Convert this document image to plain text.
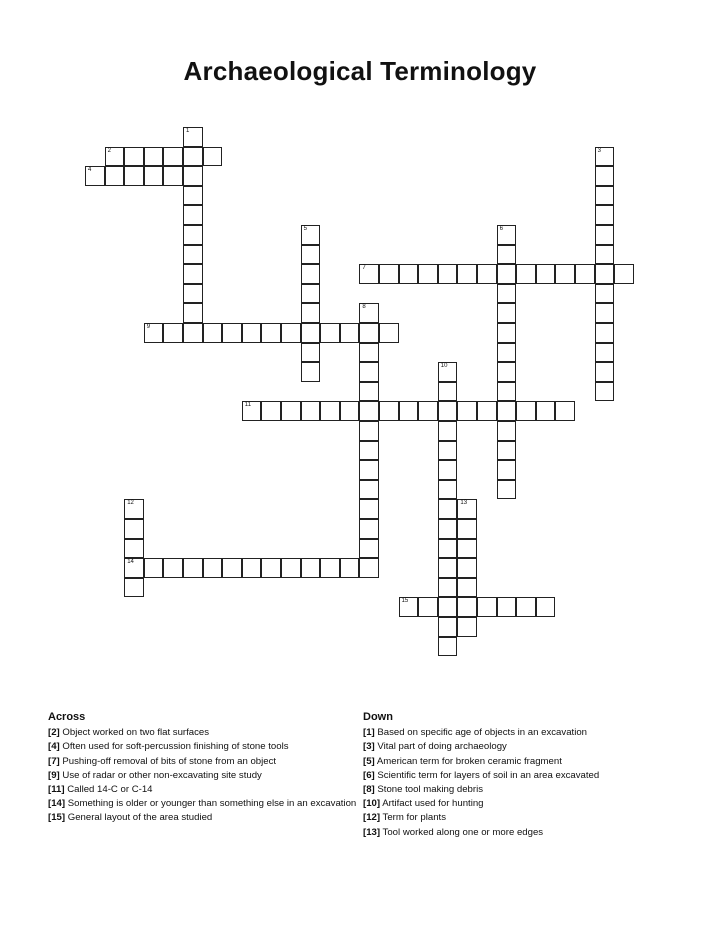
Archaeological Terminology
1
2	3
4
5	6
7
8
9
10
11
12
14
13
15
Across
[2] Object worked on two flat surfaces
[4] Often used for soft-percussion finishing of stone tools
[7] Pushing-off removal of bits of stone from an object
[9] Use of radar or other non-excavating site study
[11] Called 14-C or C-14
[14] Something is older or younger than something else in an excavation
[15] General layout of the area studied
Down
[1] Based on specific age of objects in an excavation
[3] Vital part of doing archaeology
[5] American term for broken ceramic fragment
[6] Scientific term for layers of soil in an area excavated
[8] Stone tool making debris
[10] Artifact used for hunting
[12] Term for plants
[13] Tool worked along one or more edges
